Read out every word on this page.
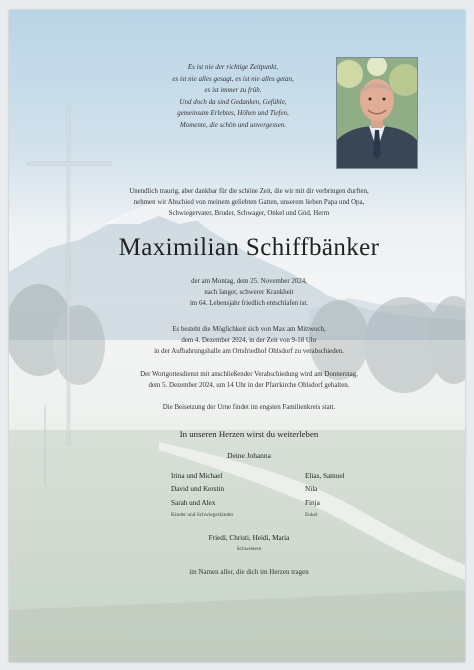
Es ist nie der richtige Zeitpunkt,
es ist nie alles gesagt, es ist nie alles getan,
es ist immer zu früh.
Und doch da sind Gedanken, Gefühle,
gemeinsam Erlebtes, Höhen und Tiefen,
Momente, die schön und unvergessen.
Unendlich traurig, aber dankbar für die schöne Zeit, die wir mit dir verbringen durften,
nehmen wir Abschied von meinem geliebten Gatten, unserem lieben Papa und Opa,
Schwiegervater, Bruder, Schwager, Onkel und Göd, Herrn
Maximilian Schiffbänker
der am Montag, dem 25. November 2024,
nach langer, schwerer Krankheit
im 64. Lebensjahr friedlich entschlafen ist.
Es besteht die Möglichkeit sich von Max am Mittwoch,
dem 4. Dezember 2024, in der Zeit von 9-18 Uhr
in der Aufbahrungshalle am Ortsfriedhof Ohlsdorf zu verabschieden.
Der Wortgottesdienst mit anschließender Verabschiedung wird am Donnerstag,
dem 5. Dezember 2024, um 14 Uhr in der Pfarrkirche Ohlsdorf gehalten.
Die Beisetzung der Urne findet im engsten Familienkreis statt.
In unseren Herzen wirst du weiterleben
Deine Johanna
Irina und Michael
David und Kerstin
Sarah und Alex
Kinder und Schwiegerkinder
Elias, Samuel
Nila
Finja
Enkel
Friedi, Christi, Heidi, Maria
Schwestern
im Namen aller, die dich im Herzen tragen
